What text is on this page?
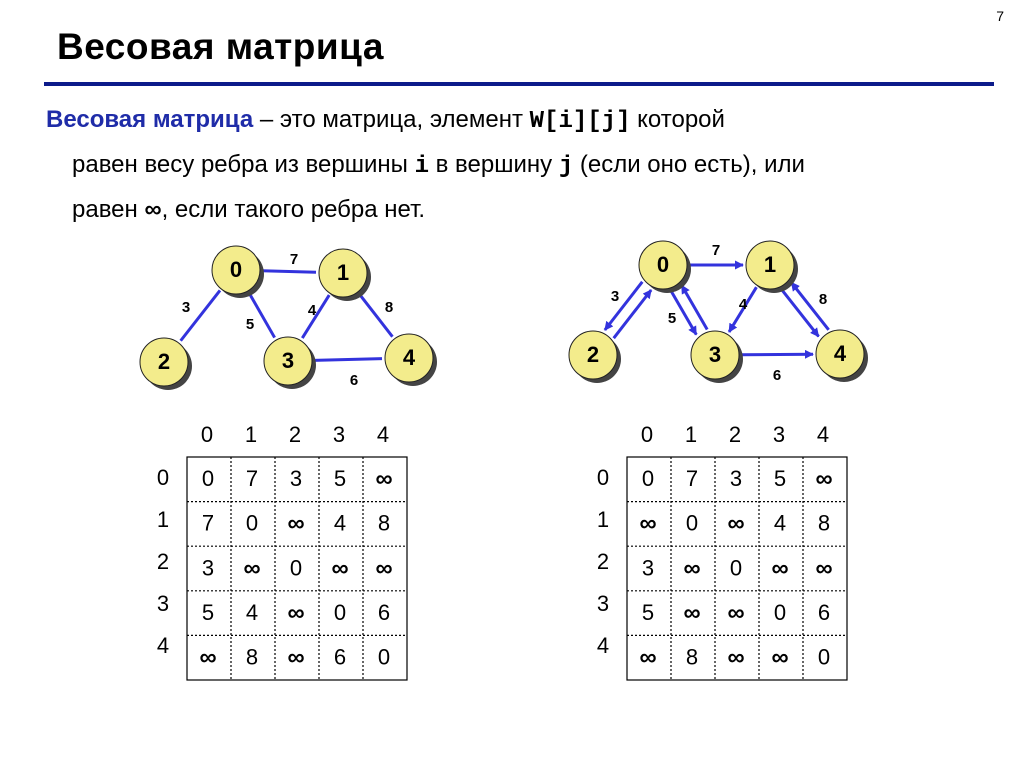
7
Весовая матрица

Весовая матрица – это матрица, элемент W[i][j] которой

равен весу ребра из вершины i в вершину j (если оно есть), или

равен ∞, если такого ребра нет.

7
3
5
4	8
6
0	1
2	3	4
7
3
5
4	8
6
0	1
2	3	4
0 1 2 3 4
0
1
2
3
4
0 7 3 5 ∞
7 0 ∞ 4 8
3 ∞ 0 ∞ ∞
5 4 ∞ 0 6
∞ 8 ∞ 6 0
0 1 2 3 4
0
1
2
3
4
0 7 3 5 ∞
∞ 0 ∞ 4 8
3 ∞ 0 ∞ ∞
5 ∞ ∞ 0 6
∞ 8 ∞ ∞ 0
